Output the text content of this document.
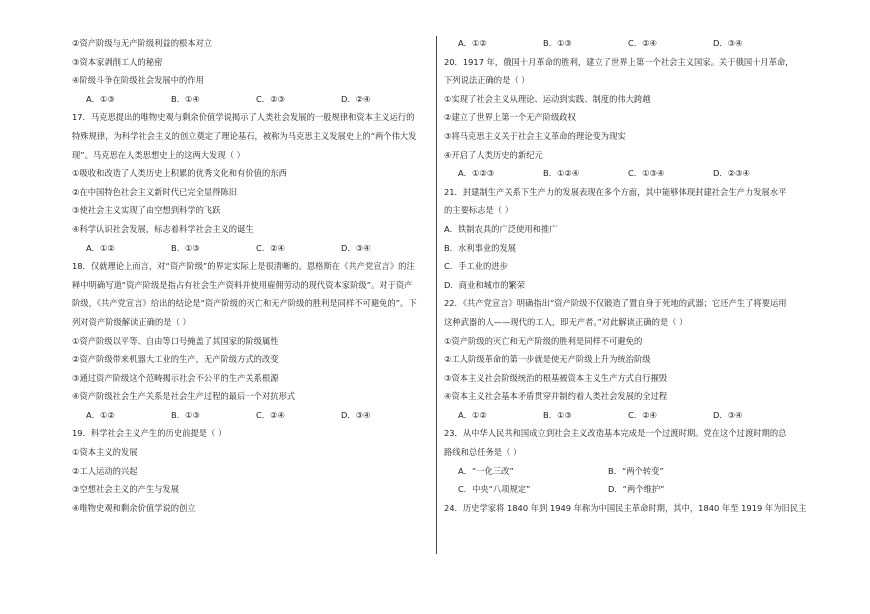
②资产阶级与无产阶级利益的根本对立
③资本家剥削工人的秘密
④阶级斗争在阶级社会发展中的作用
A．①③	B．①④	C．②③	D．②④
17．马克思提出的唯物史观与剩余价值学说揭示了人类社会发展的一般规律和资本主义运行的
特殊规律，为科学社会主义的创立奠定了理论基石，被称为马克思主义发展史上的“两个伟大发
现”。马克思在人类思想史上的这两大发现（ ）
①吸收和改造了人类历史上积累的优秀文化和有价值的东西
②在中国特色社会主义新时代已完全显得陈旧
③使社会主义实现了由空想到科学的飞跃
④科学认识社会发展，标志着科学社会主义的诞生
A．①②	B．①③	C．②④	D．③④
18．仅就理论上而言，对“资产阶级”的界定实际上是很清晰的。恩格斯在《共产党宣言》的注
释中明确写道“资产阶级是指占有社会生产资料并使用雇佣劳动的现代资本家阶级”。对于资产
阶级，《共产党宣言》给出的结论是“资产阶级的灭亡和无产阶级的胜利是同样不可避免的”。下
列对资产阶级解读正确的是（ ）
①资产阶级以平等、自由等口号掩盖了其国家的阶级属性
②资产阶级带来机器大工业的生产，无产阶级方式的改变
③通过资产阶级这个范畴揭示社会不公平的生产关系根源
④资产阶级社会生产关系是社会生产过程的最后一个对抗形式
A．①②	B．①③	C．②④	D．③④
19．科学社会主义产生的历史前提是（ ）
①资本主义的发展
②工人运动的兴起
③空想社会主义的产生与发展
④唯物史观和剩余价值学说的创立
A．①②	B．①③	C．②④	D．③④
20．1917 年，俄国十月革命的胜利，建立了世界上第一个社会主义国家。关于俄国十月革命，
下列说法正确的是（ ）
①实现了社会主义从理论、运动到实践、制度的伟大跨越
②建立了世界上第一个无产阶级政权
③将马克思主义关于社会主义革命的理论变为现实
④开启了人类历史的新纪元
A．①②③	B．①②④	C．①③④	D．②③④
21．封建制生产关系下生产力的发展表现在多个方面，其中能够体现封建社会生产力发展水平
的主要标志是（ ）
A．铁制农具的广泛使用和推广
B．水利事业的发展
C．手工业的进步
D．商业和城市的繁荣
22．《共产党宣言》明确指出“资产阶级不仅锻造了置自身于死地的武器；它还产生了将要运用
这种武器的人——现代的工人，即无产者。”对此解读正确的是（ ）
①资产阶级的灭亡和无产阶级的胜利是同样不可避免的
②工人阶级革命的第一步就是使无产阶级上升为统治阶级
③资本主义社会阶级统治的根基被资本主义生产方式自行摧毁
④资本主义社会基本矛盾贯穿并制约着人类社会发展的全过程
A．①②	B．①③	C．②④	D．③④
23．从中华人民共和国成立到社会主义改造基本完成是一个过渡时期。党在这个过渡时期的总
路线和总任务是（ ）
A．“一化三改”	B．“两个转变”
C．中央“八项规定”	D．“两个维护”
24．历史学家将 1840 年到 1949 年称为中国民主革命时期，其中，1840 年至 1919 年为旧民主
